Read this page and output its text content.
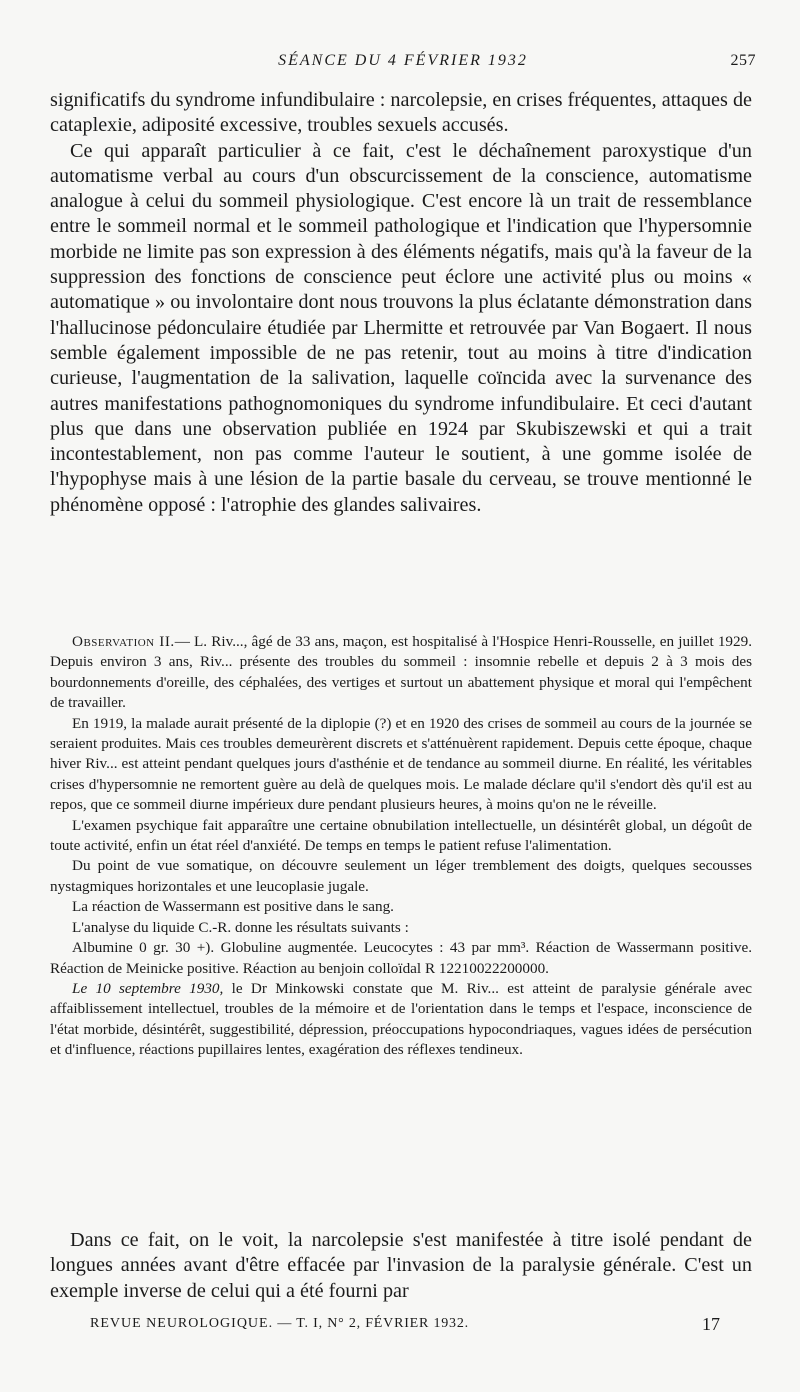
SÉANCE DU 4 FÉVRIER 1932	257

significatifs du syndrome infundibulaire : narcolepsie, en crises fréquentes, attaques de cataplexie, adiposité excessive, troubles sexuels accusés.

Ce qui apparaît particulier à ce fait, c'est le déchaînement paroxystique d'un automatisme verbal au cours d'un obscurcissement de la conscience, automatisme analogue à celui du sommeil physiologique. C'est encore là un trait de ressemblance entre le sommeil normal et le sommeil pathologique et l'indication que l'hypersomnie morbide ne limite pas son expression à des éléments négatifs, mais qu'à la faveur de la suppression des fonctions de conscience peut éclore une activité plus ou moins « automatique » ou involontaire dont nous trouvons la plus éclatante démonstration dans l'hallucinose pédonculaire étudiée par Lhermitte et retrouvée par Van Bogaert. Il nous semble également impossible de ne pas retenir, tout au moins à titre d'indication curieuse, l'augmentation de la salivation, laquelle coïncida avec la survenance des autres manifestations pathognomoniques du syndrome infundibulaire. Et ceci d'autant plus que dans une observation publiée en 1924 par Skubiszewski et qui a trait incontestablement, non pas comme l'auteur le soutient, à une gomme isolée de l'hypophyse mais à une lésion de la partie basale du cerveau, se trouve mentionné le phénomène opposé : l'atrophie des glandes salivaires.

Observation II.— L. Riv..., âgé de 33 ans, maçon, est hospitalisé à l'Hospice Henri-Rousselle, en juillet 1929. Depuis environ 3 ans, Riv... présente des troubles du sommeil : insomnie rebelle et depuis 2 à 3 mois des bourdonnements d'oreille, des céphalées, des vertiges et surtout un abattement physique et moral qui l'empêchent de travailler.

En 1919, la malade aurait présenté de la diplopie (?) et en 1920 des crises de sommeil au cours de la journée se seraient produites. Mais ces troubles demeurèrent discrets et s'atténuèrent rapidement. Depuis cette époque, chaque hiver Riv... est atteint pendant quelques jours d'asthénie et de tendance au sommeil diurne. En réalité, les véritables crises d'hypersomnie ne remortent guère au delà de quelques mois. Le malade déclare qu'il s'endort dès qu'il est au repos, que ce sommeil diurne impérieux dure pendant plusieurs heures, à moins qu'on ne le réveille.

L'examen psychique fait apparaître une certaine obnubilation intellectuelle, un désintérêt global, un dégoût de toute activité, enfin un état réel d'anxiété. De temps en temps le patient refuse l'alimentation.

Du point de vue somatique, on découvre seulement un léger tremblement des doigts, quelques secousses nystagmiques horizontales et une leucoplasie jugale.

La réaction de Wassermann est positive dans le sang.

L'analyse du liquide C.-R. donne les résultats suivants :

Albumine 0 gr. 30 +). Globuline augmentée. Leucocytes : 43 par mm³. Réaction de Wassermann positive. Réaction de Meinicke positive. Réaction au benjoin colloïdal R 12210022200000.

Le 10 septembre 1930, le Dr Minkowski constate que M. Riv... est atteint de paralysie générale avec affaiblissement intellectuel, troubles de la mémoire et de l'orientation dans le temps et l'espace, inconscience de l'état morbide, désintérêt, suggestibilité, dépression, préoccupations hypocondriaques, vagues idées de persécution et d'influence, réactions pupillaires lentes, exagération des réflexes tendineux.

Dans ce fait, on le voit, la narcolepsie s'est manifestée à titre isolé pendant de longues années avant d'être effacée par l'invasion de la paralysie générale. C'est un exemple inverse de celui qui a été fourni par

REVUE NEUROLOGIQUE. — T. I, N° 2, FÉVRIER 1932.	17
